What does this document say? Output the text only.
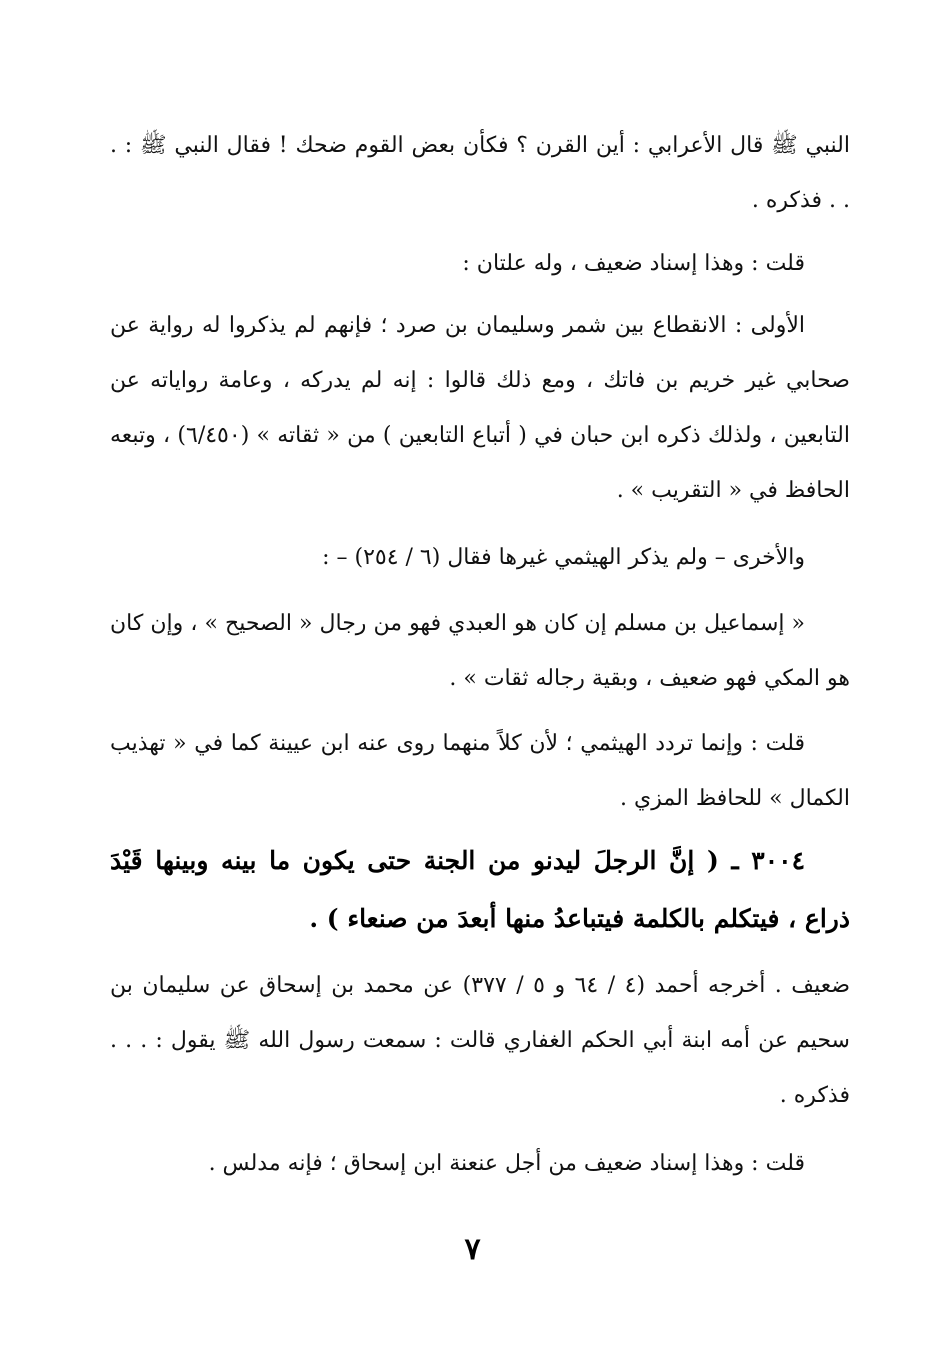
النبي ﷺ قال الأعرابي : أين القرن ؟ فكأن بعض القوم ضحك ! فقال النبي ﷺ : . . . فذكره .
قلت : وهذا إسناد ضعيف ، وله علتان :
الأولى : الانقطاع بين شمر وسليمان بن صرد ؛ فإنهم لم يذكروا له رواية عن صحابي غير خريم بن فاتك ، ومع ذلك قالوا : إنه لم يدركه ، وعامة رواياته عن التابعين ، ولذلك ذكره ابن حبان في ( أتباع التابعين ) من « ثقاته » (٦/٤٥٠) ، وتبعه الحافظ في « التقريب » .
والأخرى – ولم يذكر الهيثمي غيرها فقال (٦ / ٢٥٤) – :
« إسماعيل بن مسلم إن كان هو العبدي فهو من رجال « الصحيح » ، وإن كان هو المكي فهو ضعيف ، وبقية رجاله ثقات » .
قلت : وإنما تردد الهيثمي ؛ لأن كلاً منهما روى عنه ابن عيينة كما في « تهذيب الكمال » للحافظ المزي .
٣٠٠٤ ـ ( إنَّ الرجلَ ليدنو من الجنة حتى يكون ما بينه وبينها قَيْدَ ذراع ، فيتكلم بالكلمة فيتباعدُ منها أبعدَ من صنعاء ) .
ضعيف . أخرجه أحمد (٤ / ٦٤ و ٥ / ٣٧٧) عن محمد بن إسحاق عن سليمان بن سحيم عن أمه ابنة أبي الحكم الغفاري قالت : سمعت رسول الله ﷺ يقول : . . . فذكره .
قلت : وهذا إسناد ضعيف من أجل عنعنة ابن إسحاق ؛ فإنه مدلس .
٧
